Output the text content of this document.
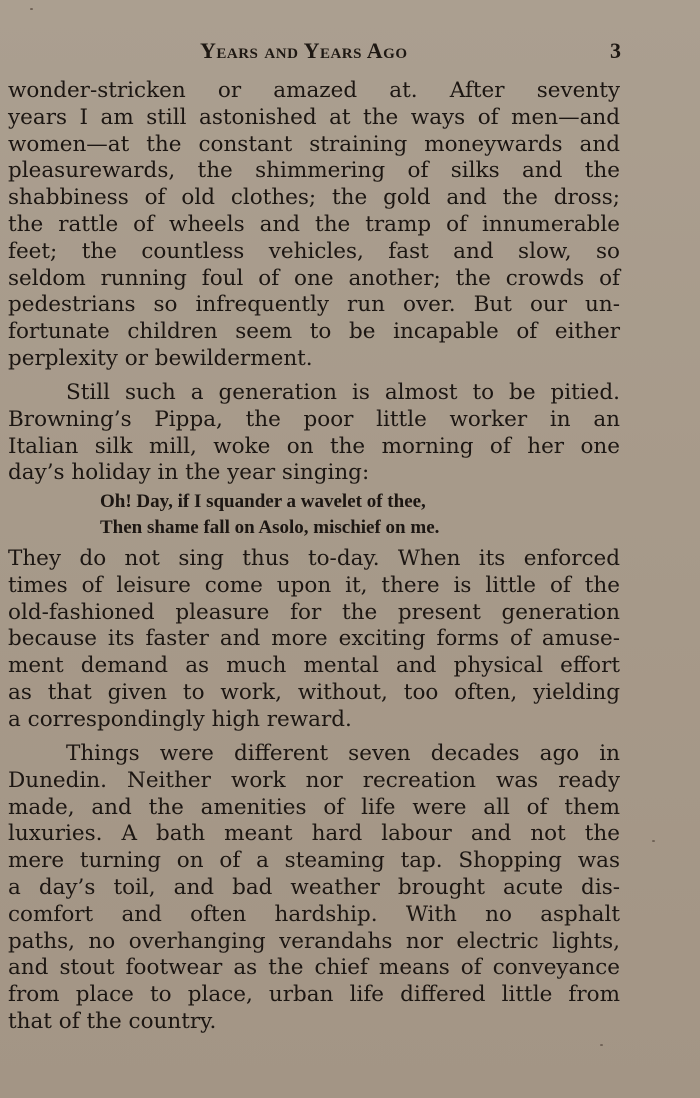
Years and Years Ago	3
wonder-stricken or amazed at. After seventy
years I am still astonished at the ways of men—and
women—at the constant straining moneywards and
pleasurewards, the shimmering of silks and the
shabbiness of old clothes; the gold and the dross;
the rattle of wheels and the tramp of innumerable
feet; the countless vehicles, fast and slow, so
seldom running foul of one another; the crowds of
pedestrians so infrequently run over. But our un-
fortunate children seem to be incapable of either
perplexity or bewilderment.
Still such a generation is almost to be pitied.
Browning’s Pippa, the poor little worker in an
Italian silk mill, woke on the morning of her one
day’s holiday in the year singing:
Oh! Day, if I squander a wavelet of thee,
Then shame fall on Asolo, mischief on me.
They do not sing thus to-day. When its enforced
times of leisure come upon it, there is little of the
old-fashioned pleasure for the present generation
because its faster and more exciting forms of amuse-
ment demand as much mental and physical effort
as that given to work, without, too often, yielding
a correspondingly high reward.
Things were different seven decades ago in
Dunedin. Neither work nor recreation was ready
made, and the amenities of life were all of them
luxuries. A bath meant hard labour and not the
mere turning on of a steaming tap. Shopping was
a day’s toil, and bad weather brought acute dis-
comfort and often hardship. With no asphalt
paths, no overhanging verandahs nor electric lights,
and stout footwear as the chief means of conveyance
from place to place, urban life differed little from
that of the country.
